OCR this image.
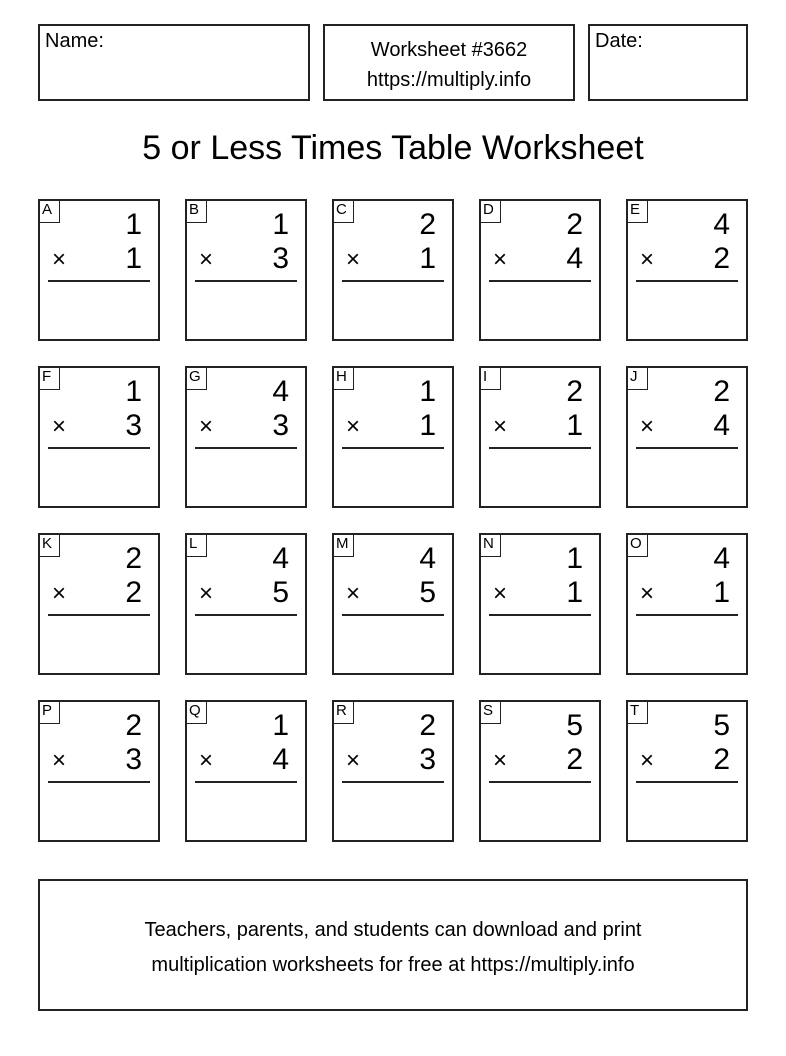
Name:	Worksheet #3662
https://multiply.info
Date:
5 or Less Times Table Worksheet
A 1
× 1
B 1
× 3
C 2
× 1
D 2
× 4
E 4
× 2
F 1
× 3
G 4
× 3
H 1
× 1
I	2
× 1
J	2
× 4
K 2
× 2
L	4
× 5
M 4
× 5
N 1
× 1
O 4
× 1
P 2
× 3
Q 1
× 4
R 2
× 3
S 5
× 2
T 5
× 2
Teachers, parents, and students can download and print
multiplication worksheets for free at https://multiply.info
